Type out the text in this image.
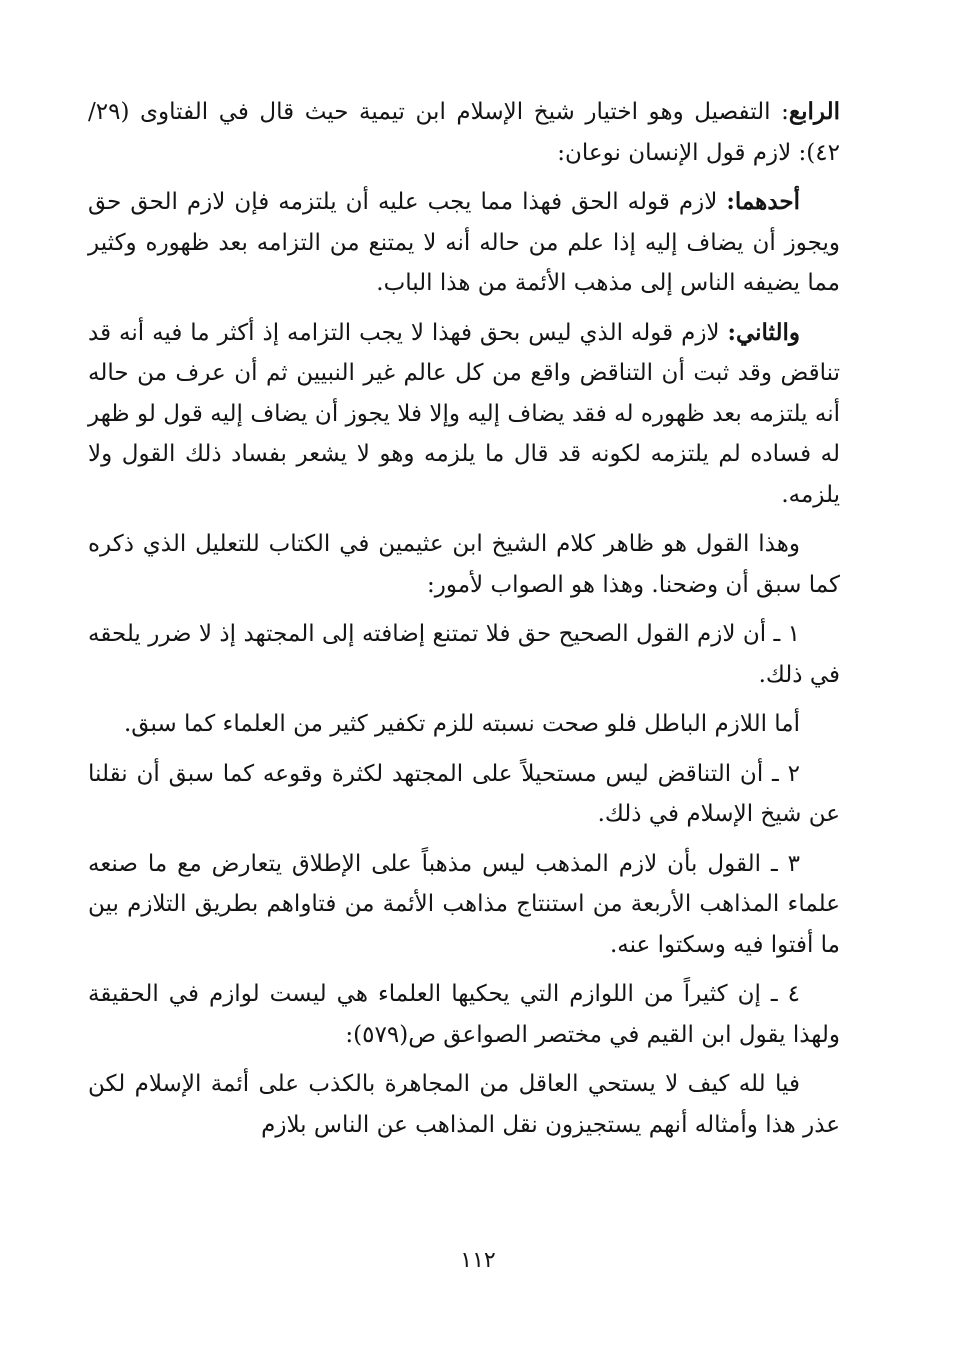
الرابع: التفصيل وهو اختيار شيخ الإسلام ابن تيمية حيث قال في الفتاوى (٢٩/ ٤٢): لازم قول الإنسان نوعان:

أحدهما: لازم قوله الحق فهذا مما يجب عليه أن يلتزمه فإن لازم الحق حق ويجوز أن يضاف إليه إذا علم من حاله أنه لا يمتنع من التزامه بعد ظهوره وكثير مما يضيفه الناس إلى مذهب الأئمة من هذا الباب.

والثاني: لازم قوله الذي ليس بحق فهذا لا يجب التزامه إذ أكثر ما فيه أنه قد تناقض وقد ثبت أن التناقض واقع من كل عالم غير النبيين ثم أن عرف من حاله أنه يلتزمه بعد ظهوره له فقد يضاف إليه وإلا فلا يجوز أن يضاف إليه قول لو ظهر له فساده لم يلتزمه لكونه قد قال ما يلزمه وهو لا يشعر بفساد ذلك القول ولا يلزمه.

وهذا القول هو ظاهر كلام الشيخ ابن عثيمين في الكتاب للتعليل الذي ذكره كما سبق أن وضحنا. وهذا هو الصواب لأمور:

١ ـ أن لازم القول الصحيح حق فلا تمتنع إضافته إلى المجتهد إذ لا ضرر يلحقه في ذلك.

أما اللازم الباطل فلو صحت نسبته للزم تكفير كثير من العلماء كما سبق.

٢ ـ أن التناقض ليس مستحيلاً على المجتهد لكثرة وقوعه كما سبق أن نقلنا عن شيخ الإسلام في ذلك.

٣ ـ القول بأن لازم المذهب ليس مذهباً على الإطلاق يتعارض مع ما صنعه علماء المذاهب الأربعة من استنتاج مذاهب الأئمة من فتاواهم بطريق التلازم بين ما أفتوا فيه وسكتوا عنه.

٤ ـ إن كثيراً من اللوازم التي يحكيها العلماء هي ليست لوازم في الحقيقة ولهذا يقول ابن القيم في مختصر الصواعق ص(٥٧٩):

فيا لله كيف لا يستحي العاقل من المجاهرة بالكذب على أئمة الإسلام لكن عذر هذا وأمثاله أنهم يستجيزون نقل المذاهب عن الناس بلازم

١١٢
